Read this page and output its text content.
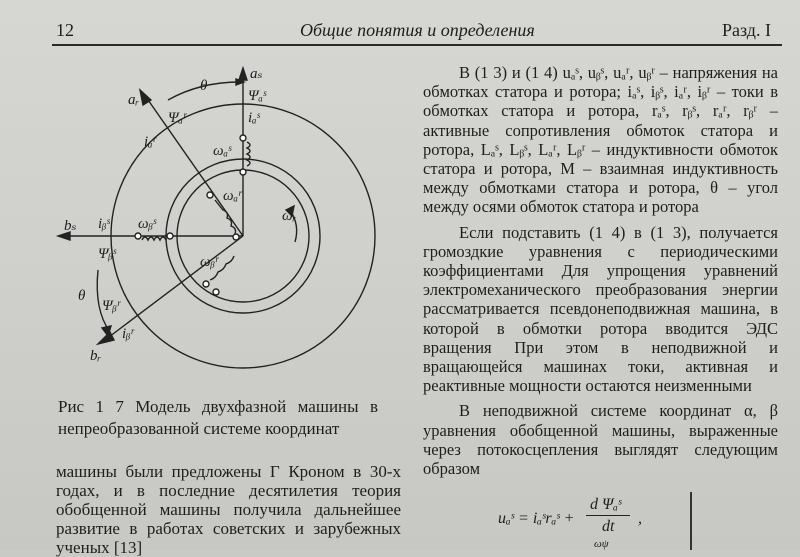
12	Общие понятия и определения	Разд. I
aₛ
Ψₐˢ
iₐˢ
ωₐˢ
θ
aᵣ
Ψₐʳ
iₐʳ
ωₐʳ
ωᵣ
bₛ iᵦˢ
Ψᵦˢ
ωᵦˢ
ωᵦʳ
θ
Ψᵦʳ
iᵦʳ
bᵣ
Рис 1 7 Модель двухфазной машины в непреобразованной системе координат
машины были предложены Г Кроном в 30-х годах, и в последние десятилетия теория обобщенной машины получила дальнейшее развитие в работах советских и зарубежных ученых [13]

В (1 3) и (1 4) uₐˢ, uᵦˢ, uₐʳ, uᵦʳ – напряжения на обмотках статора и ротора; iₐˢ, iᵦˢ, iₐʳ, iᵦʳ – токи в обмотках статора и ротора, rₐˢ, rᵦˢ, rₐʳ, rᵦʳ – активные сопротивления обмоток статора и ротора, Lₐˢ, Lᵦˢ, Lₐʳ, Lᵦʳ – индуктивности обмоток статора и ротора, M – взаимная индуктивность между обмотками статора и ротора, θ – угол между осями обмоток статора и ротора

Если подставить (1 4) в (1 3), получается громоздкие уравнения с периодическими коэффициентами Для упрощения уравнений электромеханического преобразования энергии рассматривается псевдонеподвижная машина, в которой в обмотки ротора вводится ЭДС вращения При этом в неподвижной и вращающейся машинах токи, активная и реактивные мощности остаются неизменными

В неподвижной системе координат α, β уравнения обобщенной машины, выраженные через потокосцепления выглядят следующим образом

uₐˢ = iₐˢrₐˢ +
d Ψₐˢ
dt ,
ωψ
